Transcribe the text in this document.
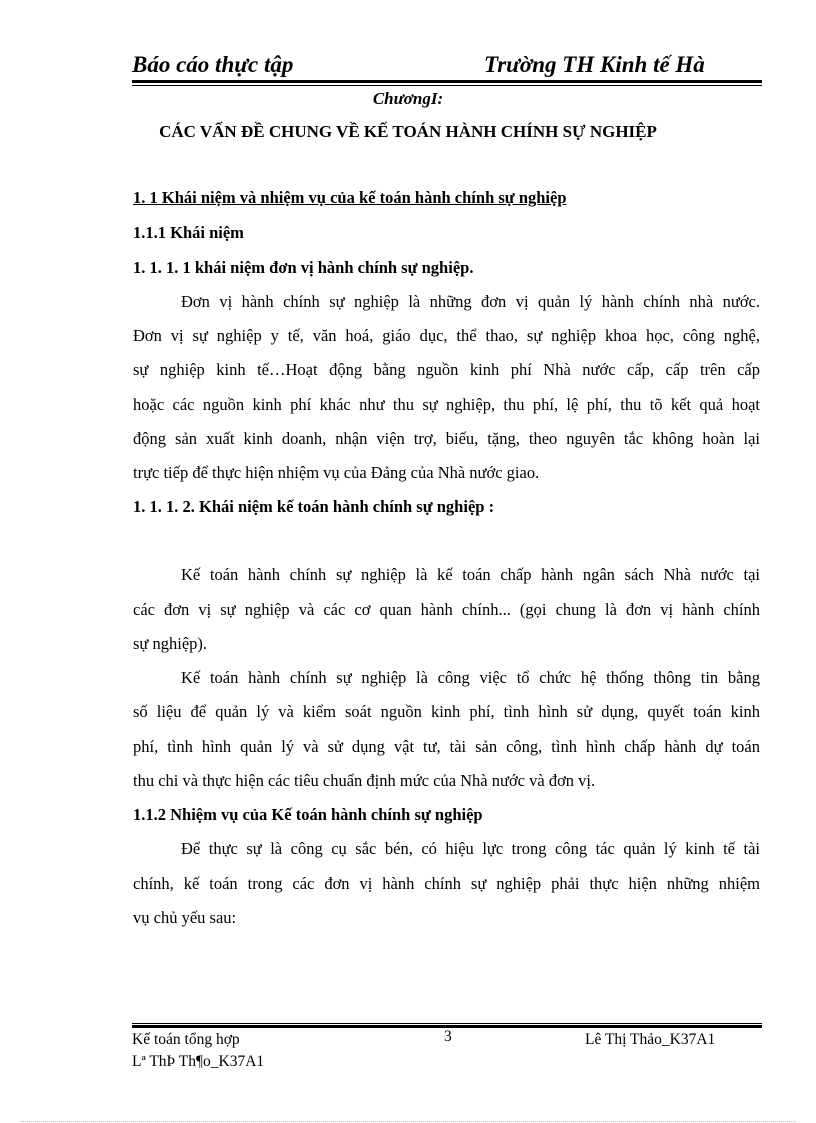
Báo cáo thực tập	Trường TH Kinh tế Hà
ChươngI:
CÁC VẤN ĐỀ CHUNG VỀ KẾ TOÁN HÀNH CHÍNH SỰ NGHIỆP
1. 1 Khái niệm và nhiệm vụ của kế toán hành chính sự nghiệp
1.1.1 Khái niệm
1. 1. 1. 1 khái niệm đơn vị hành chính sự nghiệp.
Đơn vị hành chính sự nghiệp là những đơn vị quản lý hành chính nhà nước.
Đơn vị sự nghiệp y tế, văn hoá, giáo dục, thể thao, sự nghiệp khoa học, công nghệ,
sự nghiệp kinh tế…Hoạt động bằng nguồn kinh phí Nhà nước cấp, cấp trên cấp
hoặc các nguồn kinh phí khác như thu sự nghiệp, thu phí, lệ phí, thu tõ kết quả hoạt
động sản xuất kinh doanh, nhận viện trợ, biếu, tặng, theo nguyên tắc không hoàn lại
trực tiếp để thực hiện nhiệm vụ của Đảng của Nhà nước giao.
1. 1. 1. 2. Khái niệm kế toán hành chính sự nghiệp :
Kế toán hành chính sự nghiệp là kế toán chấp hành ngân sách Nhà nước tại
các đơn vị sự nghiệp và các cơ quan hành chính... (gọi chung là đơn vị hành chính
sự nghiệp).
Kế toán hành chính sự nghiệp là công việc tổ chức hệ thống thông tin bằng
số liệu để quản lý và kiểm soát nguồn kinh phí, tình hình sử dụng, quyết toán kinh
phí, tình hình quản lý và sử dụng vật tư, tài sản công, tình hình chấp hành dự toán
thu chi và thực hiện các tiêu chuẩn định mức của Nhà nước và đơn vị.
1.1.2 Nhiệm vụ của Kế toán hành chính sự nghiệp
Để thực sự là công cụ sắc bén, có hiệu lực trong công tác quản lý kinh tế tài
chính, kế toán trong các đơn vị hành chính sự nghiệp phải thực hiện những nhiệm
vụ chủ yếu sau:
Kế toán tổng hợp
Lª ThÞ Th¶o_K37A1
3	Lê Thị Thảo_K37A1
